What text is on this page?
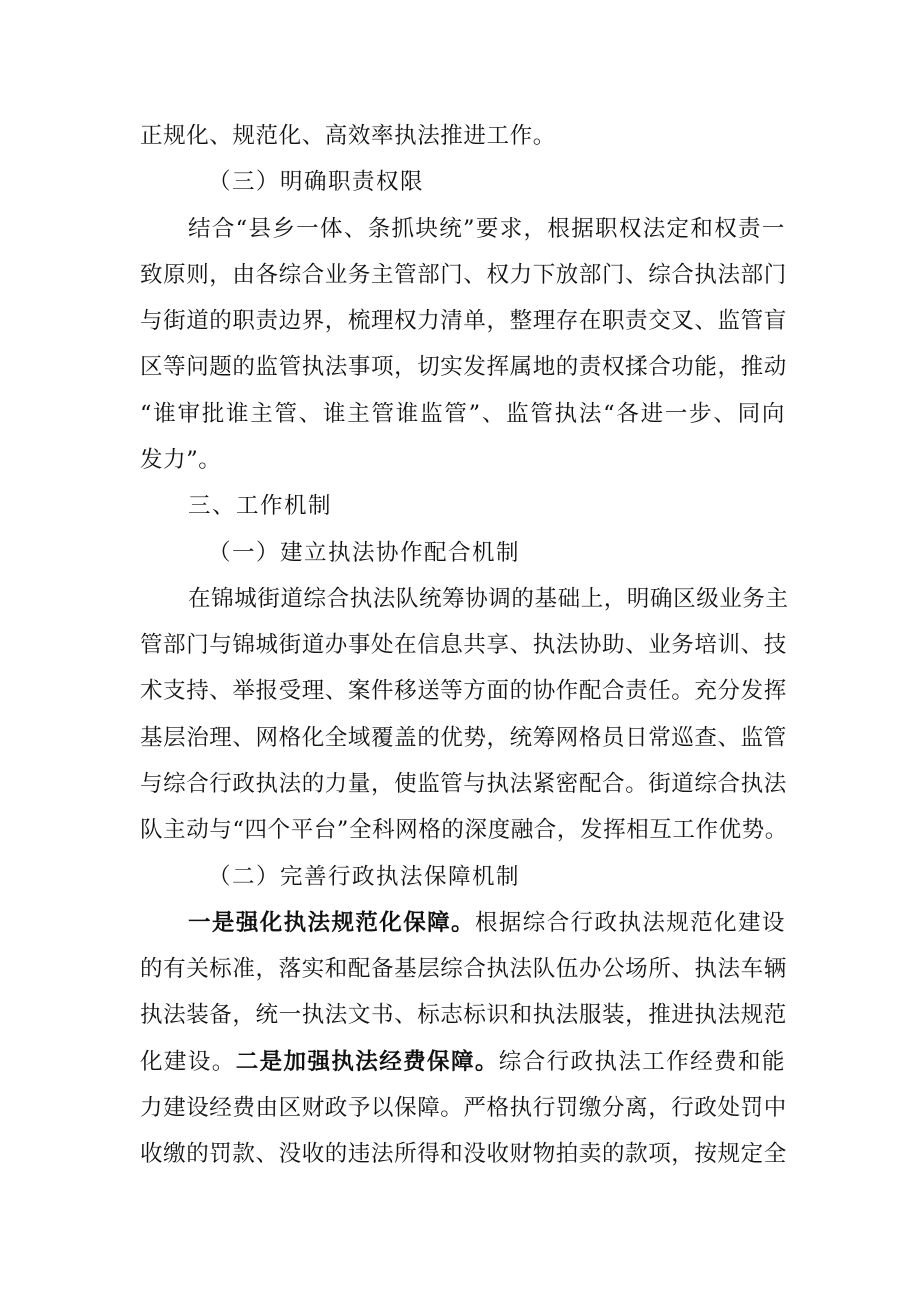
正规化、规范化、高效率执法推进工作。
（三）明确职责权限
结合“县乡一体、条抓块统”要求，根据职权法定和权责一
致原则，由各综合业务主管部门、权力下放部门、综合执法部门
与街道的职责边界，梳理权力清单，整理存在职责交叉、监管盲
区等问题的监管执法事项，切实发挥属地的责权揉合功能，推动
“谁审批谁主管、谁主管谁监管”、监管执法“各进一步、同向
发力”。
三、工作机制
（一）建立执法协作配合机制
在锦城街道综合执法队统筹协调的基础上，明确区级业务主
管部门与锦城街道办事处在信息共享、执法协助、业务培训、技
术支持、举报受理、案件移送等方面的协作配合责任。充分发挥
基层治理、网格化全域覆盖的优势，统筹网格员日常巡查、监管
与综合行政执法的力量，使监管与执法紧密配合。街道综合执法
队主动与“四个平台”全科网格的深度融合，发挥相互工作优势。
（二）完善行政执法保障机制
一是强化执法规范化保障。根据综合行政执法规范化建设
的有关标准，落实和配备基层综合执法队伍办公场所、执法车辆
执法装备，统一执法文书、标志标识和执法服装，推进执法规范
化建设。二是加强执法经费保障。综合行政执法工作经费和能
力建设经费由区财政予以保障。严格执行罚缴分离，行政处罚中
收缴的罚款、没收的违法所得和没收财物拍卖的款项，按规定全
